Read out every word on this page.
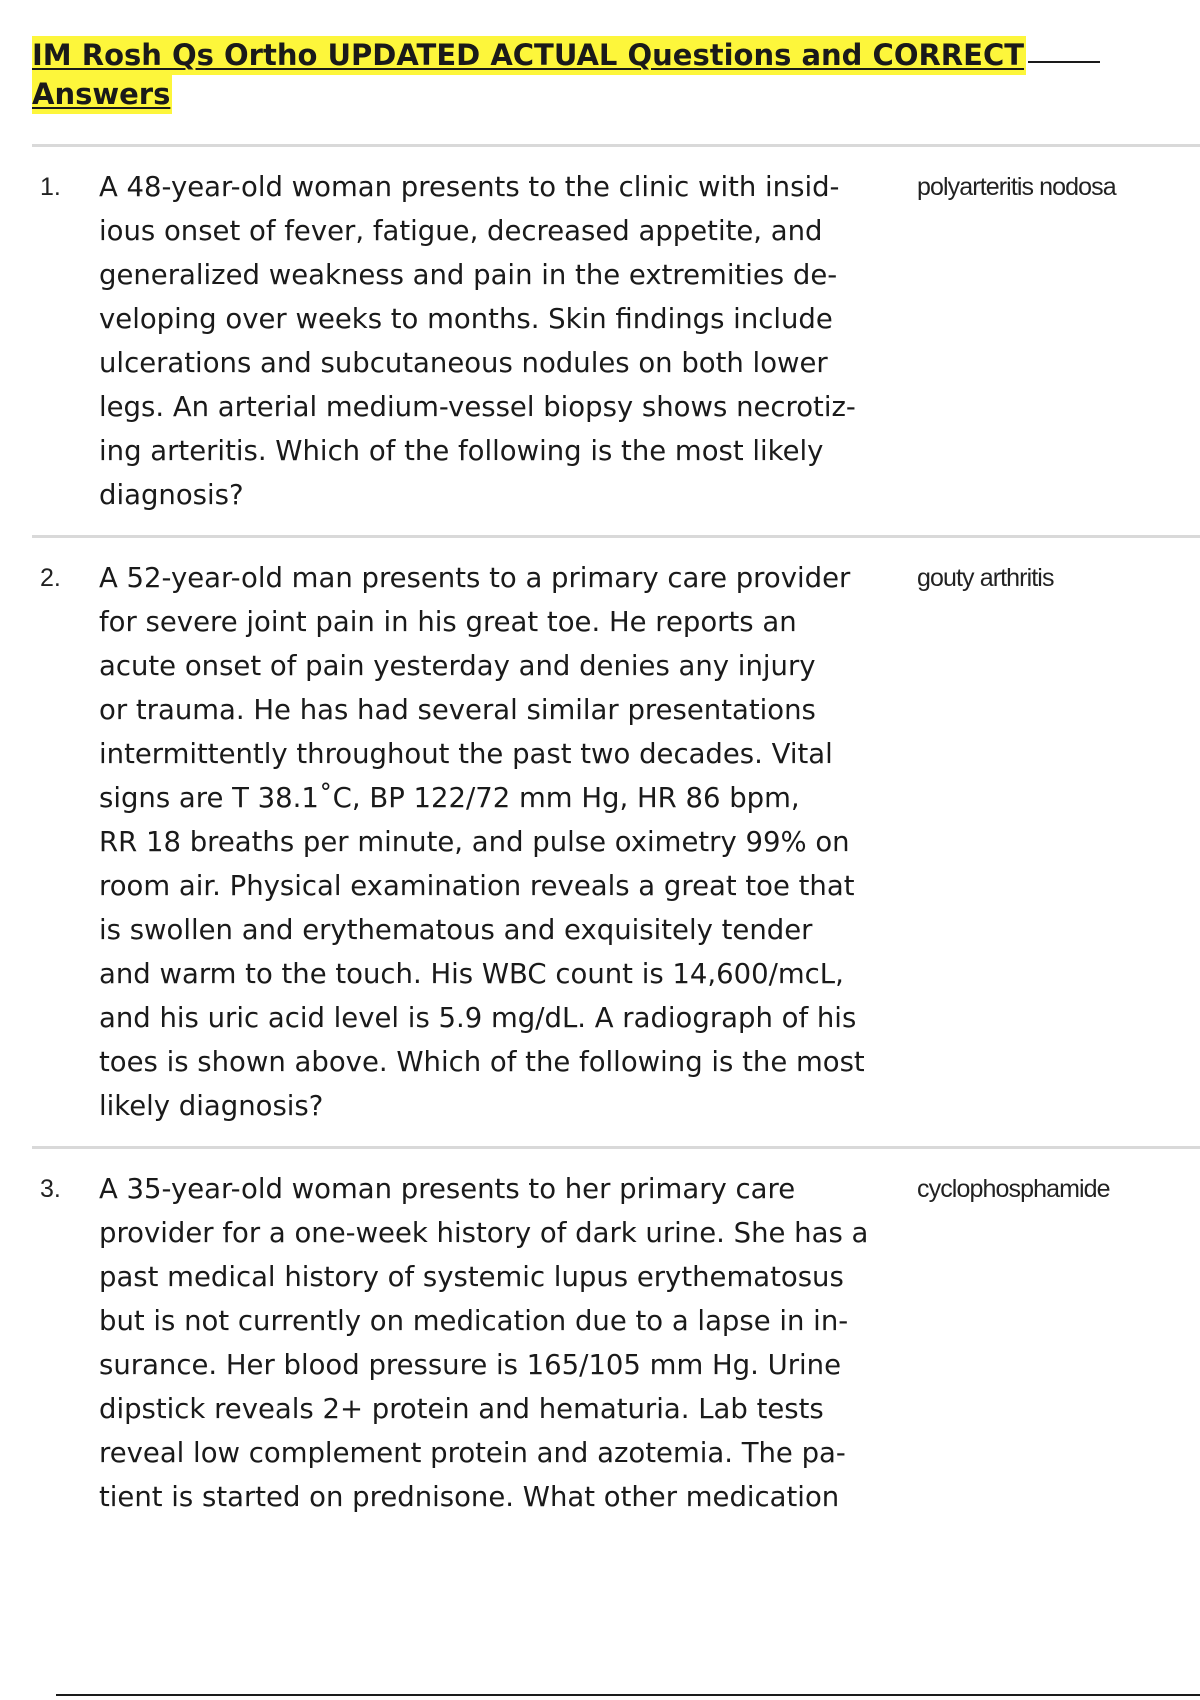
IM Rosh Qs Ortho UPDATED ACTUAL Questions and CORRECT
Answers
1. A 48-year-old woman presents to the clinic with insid-
ious onset of fever, fatigue, decreased appetite, and
generalized weakness and pain in the extremities de-
veloping over weeks to months. Skin findings include
ulcerations and subcutaneous nodules on both lower
legs. An arterial medium-vessel biopsy shows necrotiz-
ing arteritis. Which of the following is the most likely
diagnosis?
polyarteritis nodosa
2. A 52-year-old man presents to a primary care provider
for severe joint pain in his great toe. He reports an
acute onset of pain yesterday and denies any injury
or trauma. He has had several similar presentations
intermittently throughout the past two decades. Vital
signs are T 38.1˚C, BP 122/72 mm Hg, HR 86 bpm,
RR 18 breaths per minute, and pulse oximetry 99% on
room air. Physical examination reveals a great toe that
is swollen and erythematous and exquisitely tender
and warm to the touch. His WBC count is 14,600/mcL,
and his uric acid level is 5.9 mg/dL. A radiograph of his
toes is shown above. Which of the following is the most
likely diagnosis?
gouty arthritis
3. A 35-year-old woman presents to her primary care
provider for a one-week history of dark urine. She has a
past medical history of systemic lupus erythematosus
but is not currently on medication due to a lapse in in-
surance. Her blood pressure is 165/105 mm Hg. Urine
dipstick reveals 2+ protein and hematuria. Lab tests
reveal low complement protein and azotemia. The pa-
tient is started on prednisone. What other medication
cyclophosphamide
